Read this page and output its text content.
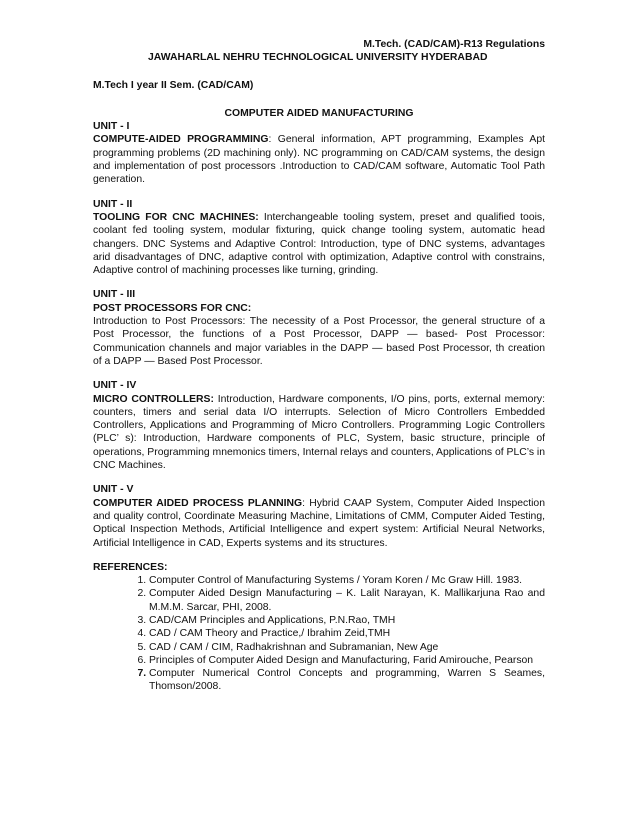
M.Tech. (CAD/CAM)-R13 Regulations
JAWAHARLAL NEHRU TECHNOLOGICAL UNIVERSITY HYDERABAD
M.Tech I year II Sem. (CAD/CAM)
COMPUTER AIDED MANUFACTURING
UNIT - I
COMPUTE-AIDED PROGRAMMING: General information, APT programming, Examples Apt programming problems (2D machining only). NC programming on CAD/CAM systems, the design and implementation of post processors .Introduction to CAD/CAM software, Automatic Tool Path generation.
UNIT - II
TOOLING FOR CNC MACHINES: Interchangeable tooling system, preset and qualified toois, coolant fed tooling system, modular fixturing, quick change tooling system, automatic head changers. DNC Systems and Adaptive Control: Introduction, type of DNC systems, advantages arid disadvantages of DNC, adaptive control with optimization, Adaptive control with constrains, Adaptive control of machining processes like turning, grinding.
UNIT - III
POST PROCESSORS FOR CNC:
Introduction to Post Processors: The necessity of a Post Processor, the general structure of a Post Processor, the functions of a Post Processor, DAPP — based- Post Processor: Communication channels and major variables in the DAPP — based Post Processor, th creation of a DAPP — Based Post Processor.
UNIT - IV
MICRO CONTROLLERS: Introduction, Hardware components, I/O pins, ports, external memory: counters, timers and serial data I/O interrupts. Selection of Micro Controllers Embedded Controllers, Applications and Programming of Micro Controllers. Programming Logic Controllers (PLC’ s): Introduction, Hardware components of PLC, System, basic structure, principle of operations, Programming mnemonics timers, Internal relays and counters, Applications of PLC’s in CNC Machines.
UNIT - V
COMPUTER AIDED PROCESS PLANNING: Hybrid CAAP System, Computer Aided Inspection and quality control, Coordinate Measuring Machine, Limitations of CMM, Computer Aided Testing, Optical Inspection Methods, Artificial Intelligence and expert system: Artificial Neural Networks, Artificial Intelligence in CAD, Experts systems and its structures.
REFERENCES:
1. Computer Control of Manufacturing Systems / Yoram Koren / Mc Graw Hill. 1983.
2. Computer Aided Design Manufacturing – K. Lalit Narayan, K. Mallikarjuna Rao and M.M.M. Sarcar, PHI, 2008.
3. CAD/CAM Principles and Applications, P.N.Rao, TMH
4. CAD / CAM Theory and Practice,/ Ibrahim Zeid,TMH
5. CAD / CAM / CIM, Radhakrishnan and Subramanian, New Age
6. Principles of Computer Aided Design and Manufacturing, Farid Amirouche, Pearson
7. Computer Numerical Control Concepts and programming, Warren S Seames, Thomson/2008.
